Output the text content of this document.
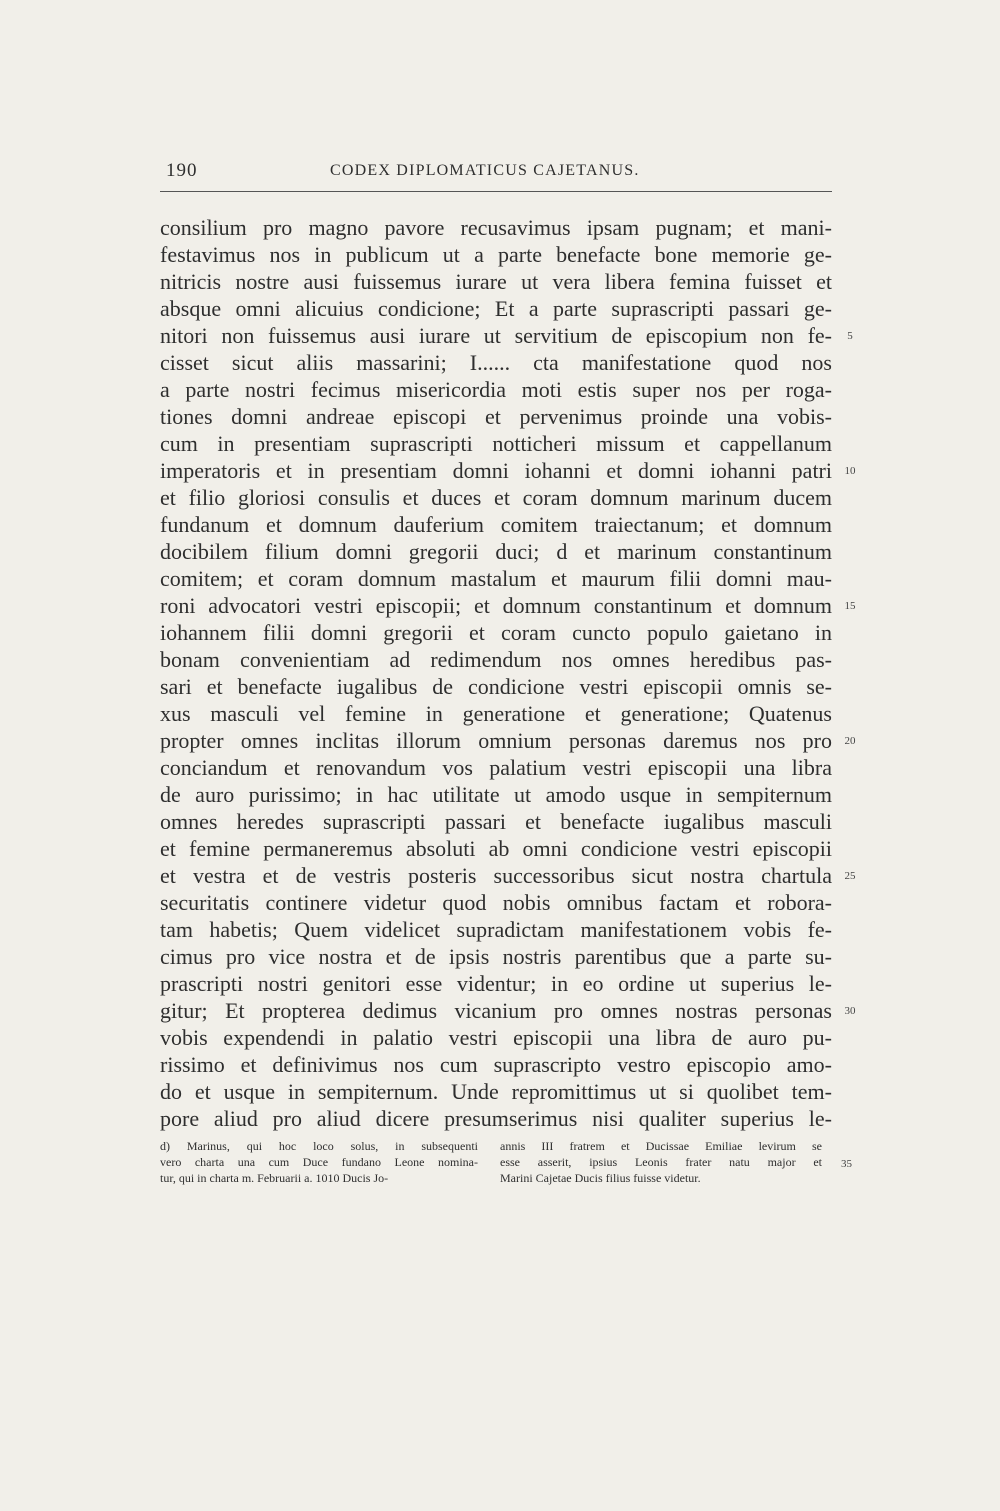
190	CODEX DIPLOMATICUS CAJETANUS.
consilium pro magno pavore recusavimus ipsam pugnam; et mani-
festavimus nos in publicum ut a parte benefacte bone memorie ge-
nitricis nostre ausi fuissemus iurare ut vera libera femina fuisset et
absque omni alicuius condicione; Et a parte suprascripti passari ge-
nitori non fuissemus ausi iurare ut servitium de episcopium non fe-
cisset sicut aliis massarini; I...... cta manifestatione quod nos
a parte nostri fecimus misericordia moti estis super nos per roga-
tiones domni andreae episcopi et pervenimus proinde una vobis-
cum in presentiam suprascripti notticheri missum et cappellanum
imperatoris et in presentiam domni iohanni et domni iohanni patri
et filio gloriosi consulis et duces et coram domnum marinum ducem
fundanum et domnum dauferium comitem traiectanum; et domnum
docibilem filium domni gregorii duci; d et marinum constantinum
comitem; et coram domnum mastalum et maurum filii domni mau-
roni advocatori vestri episcopii; et domnum constantinum et domnum
iohannem filii domni gregorii et coram cuncto populo gaietano in
bonam convenientiam ad redimendum nos omnes heredibus pas-
sari et benefacte iugalibus de condicione vestri episcopii omnis se-
xus masculi vel femine in generatione et generatione; Quatenus
propter omnes inclitas illorum omnium personas daremus nos pro
conciandum et renovandum vos palatium vestri episcopii una libra
de auro purissimo; in hac utilitate ut amodo usque in sempiternum
omnes heredes suprascripti passari et benefacte iugalibus masculi
et femine permaneremus absoluti ab omni condicione vestri episcopii
et vestra et de vestris posteris successoribus sicut nostra chartula
securitatis continere videtur quod nobis omnibus factam et robora-
tam habetis; Quem videlicet supradictam manifestationem vobis fe-
cimus pro vice nostra et de ipsis nostris parentibus que a parte su-
prascripti nostri genitori esse videntur; in eo ordine ut superius le-
gitur; Et propterea dedimus vicanium pro omnes nostras personas
vobis expendendi in palatio vestri episcopii una libra de auro pu-
rissimo et definivimus nos cum suprascripto vestro episcopio amo-
do et usque in sempiternum. Unde repromittimus ut si quolibet tem-
pore aliud pro aliud dicere presumserimus nisi qualiter superius le-
5
10
15
20
25
30
d) Marinus, qui hoc loco solus, in subsequenti
vero charta una cum Duce fundano Leone nomina-
tur, qui in charta m. Februarii a. 1010 Ducis Jo-
annis III fratrem et Ducissae Emiliae levirum se
esse asserit, ipsius Leonis frater natu major et
Marini Cajetae Ducis filius fuisse videtur.
35
